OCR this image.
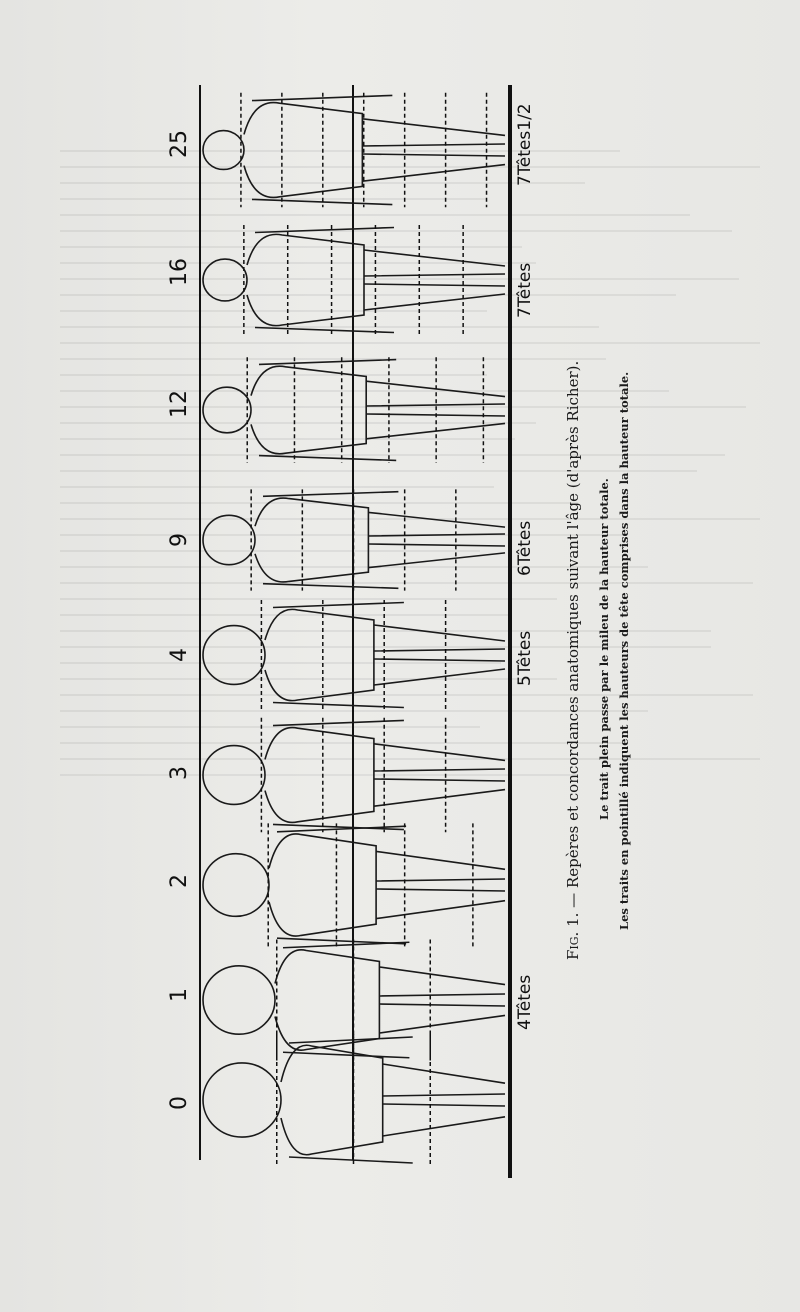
0
1
2
3
4
9
12
16
25
4Têtes
5Têtes
6Têtes
7Têtes
7Têtes1/2
Fig. 1. — Repères et concordances anatomiques suivant l'âge (d'après Richer). Le trait plein passe par le mileu de la hauteur totale. Les traits en pointillé indiquent les hauteurs de tête comprises dans la hauteur totale.
